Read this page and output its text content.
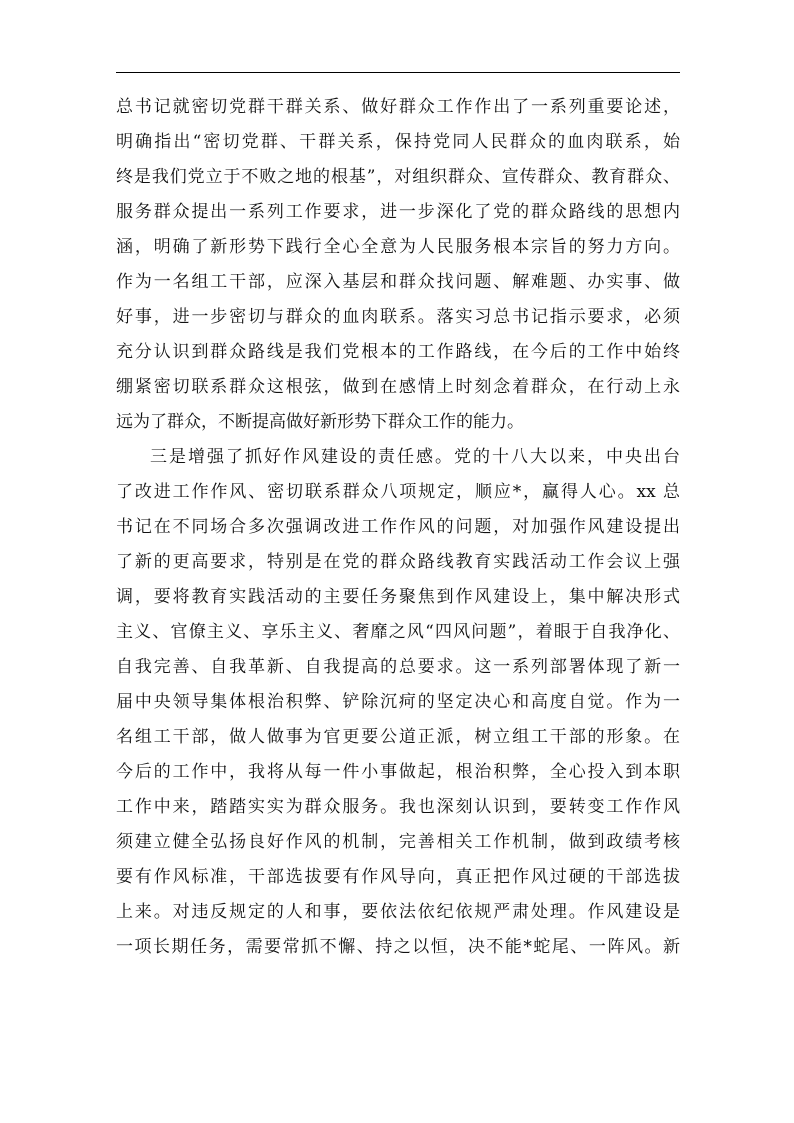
总书记就密切党群干群关系、做好群众工作作出了一系列重要论述，
明确指出“密切党群、干群关系，保持党同人民群众的血肉联系，始
终是我们党立于不败之地的根基”，对组织群众、宣传群众、教育群众、
服务群众提出一系列工作要求，进一步深化了党的群众路线的思想内
涵，明确了新形势下践行全心全意为人民服务根本宗旨的努力方向。
作为一名组工干部，应深入基层和群众找问题、解难题、办实事、做
好事，进一步密切与群众的血肉联系。落实习总书记指示要求，必须
充分认识到群众路线是我们党根本的工作路线，在今后的工作中始终
绷紧密切联系群众这根弦，做到在感情上时刻念着群众，在行动上永
远为了群众，不断提高做好新形势下群众工作的能力。

三是增强了抓好作风建设的责任感。党的十八大以来，中央出台
了改进工作作风、密切联系群众八项规定，顺应*，赢得人心。xx 总
书记在不同场合多次强调改进工作作风的问题，对加强作风建设提出
了新的更高要求，特别是在党的群众路线教育实践活动工作会议上强
调，要将教育实践活动的主要任务聚焦到作风建设上，集中解决形式
主义、官僚主义、享乐主义、奢靡之风“四风问题”，着眼于自我净化、
自我完善、自我革新、自我提高的总要求。这一系列部署体现了新一
届中央领导集体根治积弊、铲除沉疴的坚定决心和高度自觉。作为一
名组工干部，做人做事为官更要公道正派，树立组工干部的形象。在
今后的工作中，我将从每一件小事做起，根治积弊，全心投入到本职
工作中来，踏踏实实为群众服务。我也深刻认识到，要转变工作作风
须建立健全弘扬良好作风的机制，完善相关工作机制，做到政绩考核
要有作风标准，干部选拔要有作风导向，真正把作风过硬的干部选拔
上来。对违反规定的人和事，要依法依纪依规严肃处理。作风建设是
一项长期任务，需要常抓不懈、持之以恒，决不能*蛇尾、一阵风。新
